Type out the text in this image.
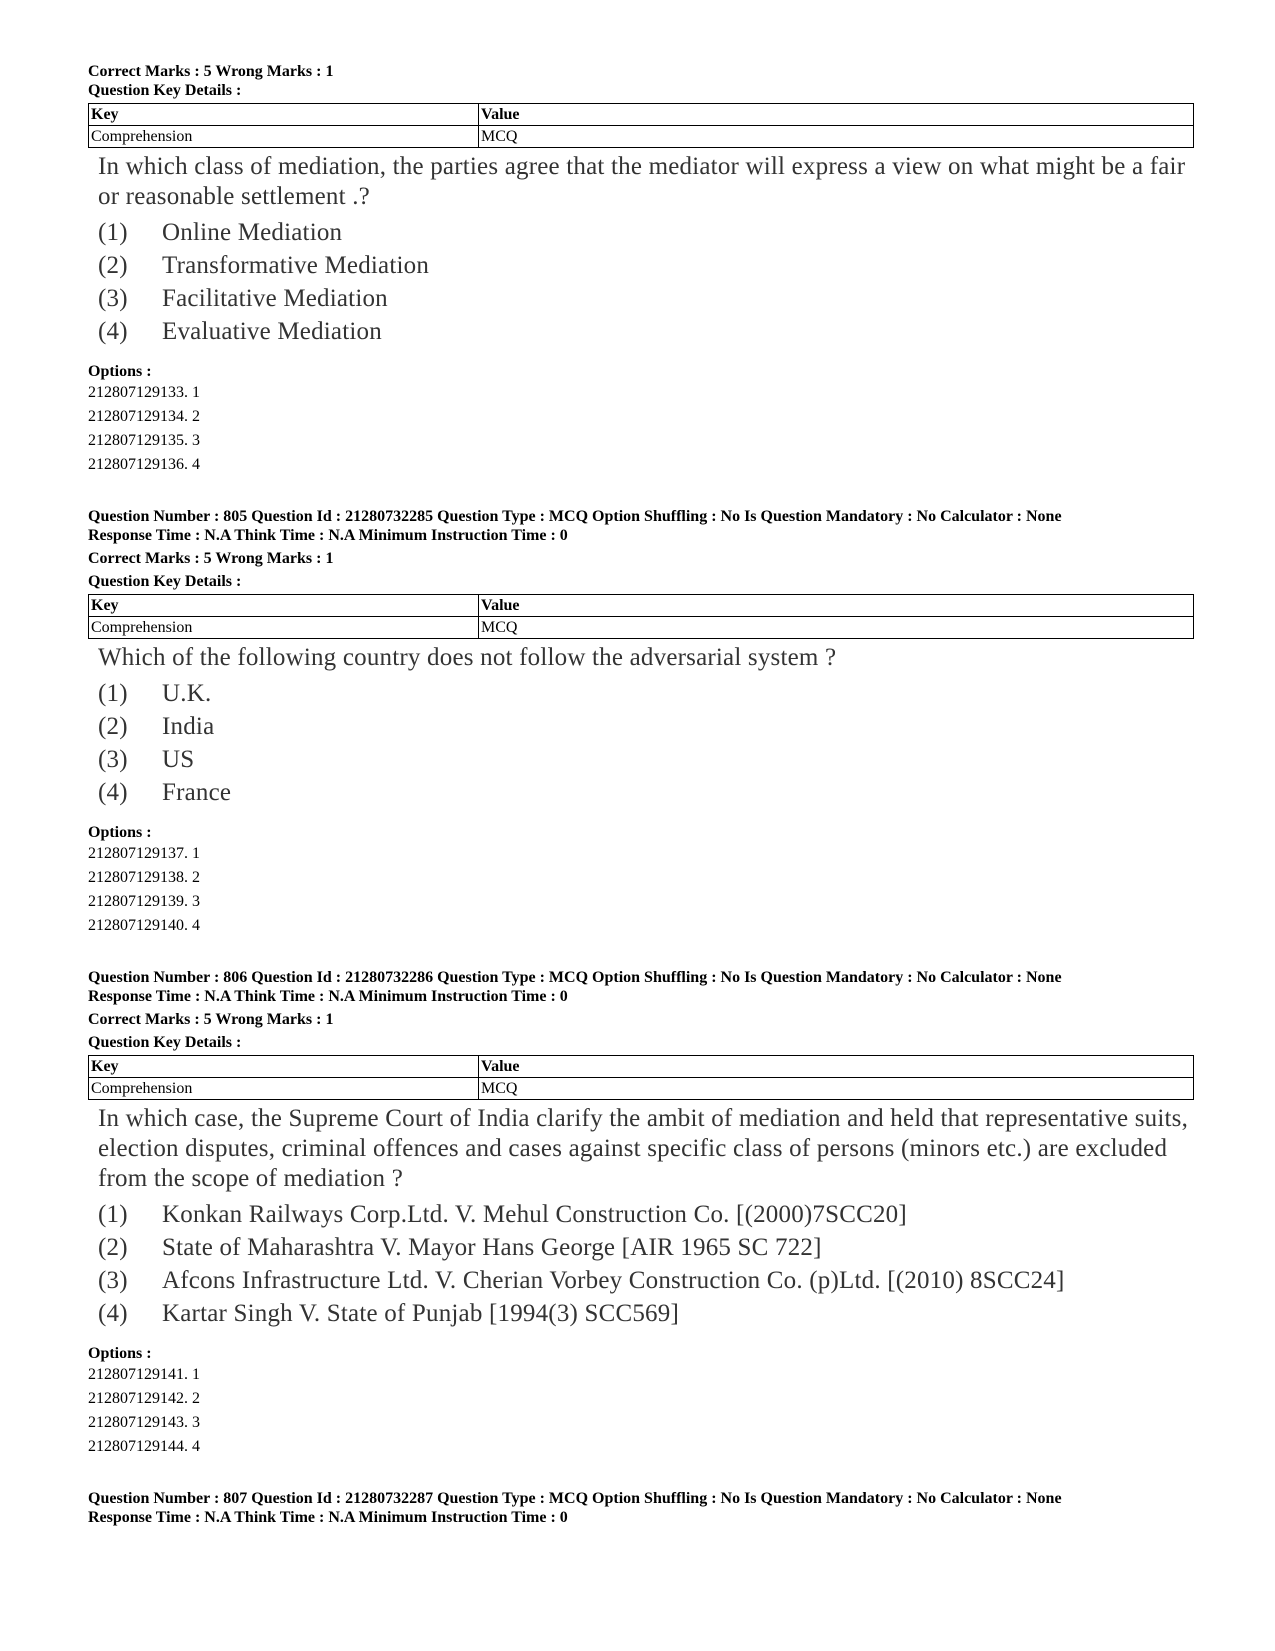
Correct Marks : 5 Wrong Marks : 1
Question Key Details :
Key	Value
Comprehension	MCQ
In which class of mediation, the parties agree that the mediator will express a view on what might be a fair or reasonable settlement .?
(1)	Online Mediation
(2)	Transformative Mediation
(3)	Facilitative Mediation
(4)	Evaluative Mediation
Options :
212807129133. 1
212807129134. 2
212807129135. 3
212807129136. 4
Question Number : 805 Question Id : 21280732285 Question Type : MCQ Option Shuffling : No Is Question Mandatory : No Calculator : None
Response Time : N.A Think Time : N.A Minimum Instruction Time : 0
Correct Marks : 5 Wrong Marks : 1
Question Key Details :
Key	Value
Comprehension	MCQ
Which of the following country does not follow the adversarial system ?
(1)	U.K.
(2)	India
(3)	US
(4)	France
Options :
212807129137. 1
212807129138. 2
212807129139. 3
212807129140. 4
Question Number : 806 Question Id : 21280732286 Question Type : MCQ Option Shuffling : No Is Question Mandatory : No Calculator : None
Response Time : N.A Think Time : N.A Minimum Instruction Time : 0
Correct Marks : 5 Wrong Marks : 1
Question Key Details :
Key	Value
Comprehension	MCQ
In which case, the Supreme Court of India clarify the ambit of mediation and held that representative suits, election disputes, criminal offences and cases against specific class of persons (minors etc.) are excluded from the scope of mediation ?
(1)	Konkan Railways Corp.Ltd. V. Mehul Construction Co. [(2000)7SCC20]
(2)	State of Maharashtra V. Mayor Hans George [AIR 1965 SC 722]
(3)	Afcons Infrastructure Ltd. V. Cherian Vorbey Construction Co. (p)Ltd. [(2010) 8SCC24]
(4)	Kartar Singh V. State of Punjab [1994(3) SCC569]
Options :
212807129141. 1
212807129142. 2
212807129143. 3
212807129144. 4
Question Number : 807 Question Id : 21280732287 Question Type : MCQ Option Shuffling : No Is Question Mandatory : No Calculator : None
Response Time : N.A Think Time : N.A Minimum Instruction Time : 0
